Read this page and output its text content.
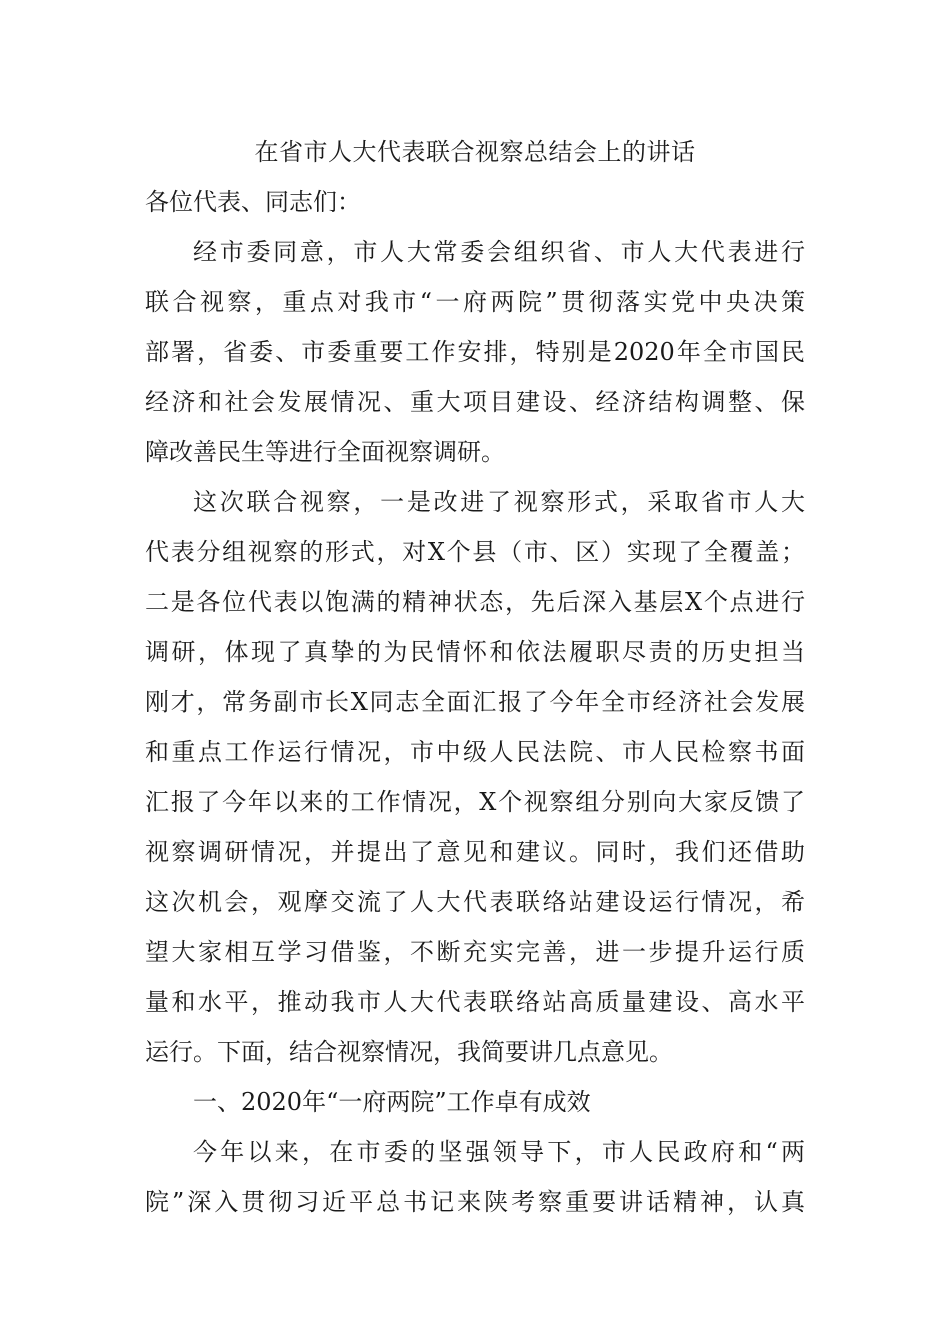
在省市人大代表联合视察总结会上的讲话
各位代表、同志们：
经市委同意，市人大常委会组织省、市人大代表进行
联合视察，重点对我市“一府两院”贯彻落实党中央决策
部署，省委、市委重要工作安排，特别是2020年全市国民
经济和社会发展情况、重大项目建设、经济结构调整、保
障改善民生等进行全面视察调研。
这次联合视察，一是改进了视察形式，采取省市人大
代表分组视察的形式，对X个县（市、区）实现了全覆盖；
二是各位代表以饱满的精神状态，先后深入基层X个点进行
调研，体现了真挚的为民情怀和依法履职尽责的历史担当
刚才，常务副市长X同志全面汇报了今年全市经济社会发展
和重点工作运行情况，市中级人民法院、市人民检察书面
汇报了今年以来的工作情况，X个视察组分别向大家反馈了
视察调研情况，并提出了意见和建议。同时，我们还借助
这次机会，观摩交流了人大代表联络站建设运行情况，希
望大家相互学习借鉴，不断充实完善，进一步提升运行质
量和水平，推动我市人大代表联络站高质量建设、高水平
运行。下面，结合视察情况，我简要讲几点意见。
一、2020年“一府两院”工作卓有成效
今年以来，在市委的坚强领导下，市人民政府和“两
院”深入贯彻习近平总书记来陕考察重要讲话精神，认真
